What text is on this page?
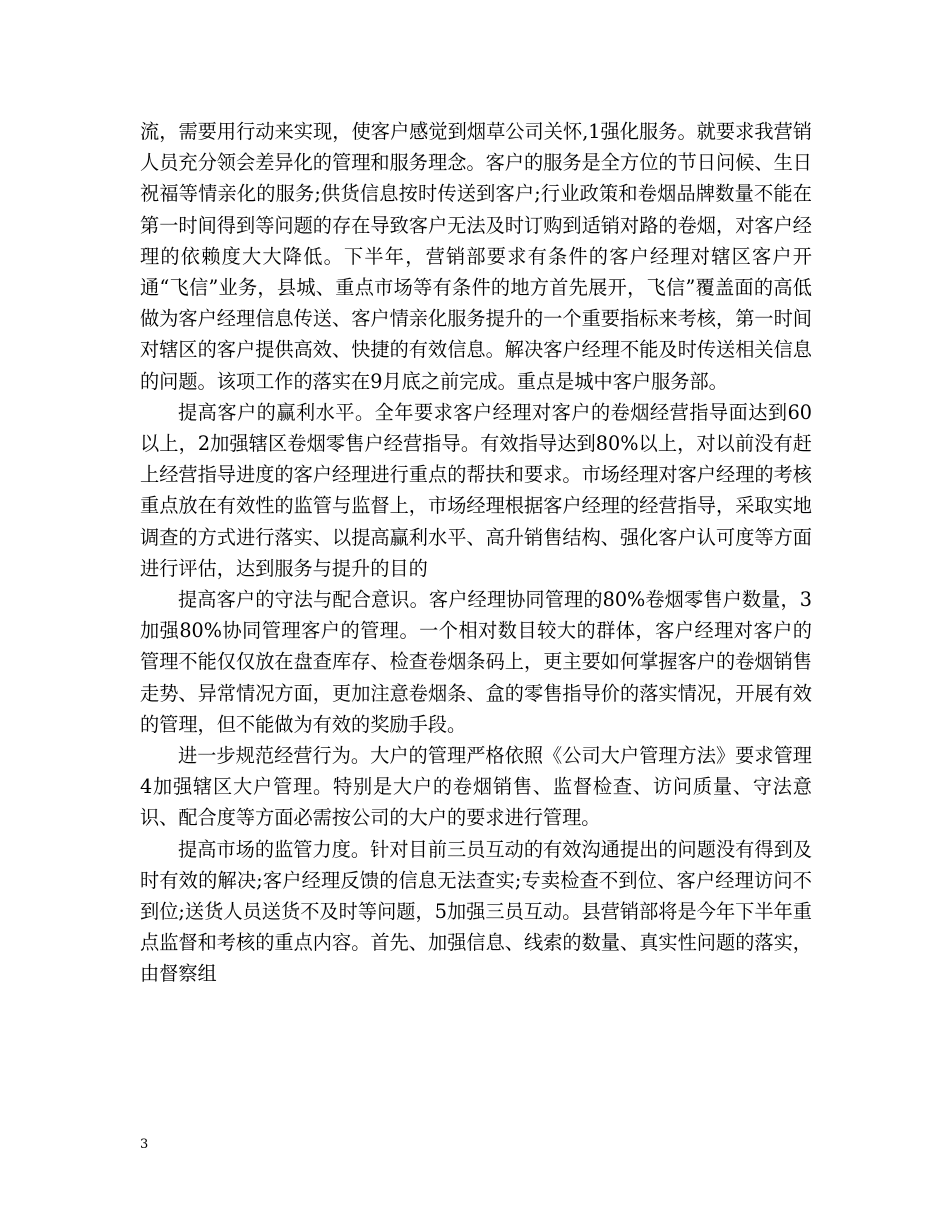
流，需要用行动来实现，使客户感觉到烟草公司关怀,1强化服务。就要求我营销人员充分领会差异化的管理和服务理念。客户的服务是全方位的节日问候、生日祝福等情亲化的服务;供货信息按时传送到客户;行业政策和卷烟品牌数量不能在第一时间得到等问题的存在导致客户无法及时订购到适销对路的卷烟，对客户经理的依赖度大大降低。下半年，营销部要求有条件的客户经理对辖区客户开通“飞信”业务，县城、重点市场等有条件的地方首先展开，飞信”覆盖面的高低做为客户经理信息传送、客户情亲化服务提升的一个重要指标来考核，第一时间对辖区的客户提供高效、快捷的有效信息。解决客户经理不能及时传送相关信息的问题。该项工作的落实在9月底之前完成。重点是城中客户服务部。

提高客户的赢利水平。全年要求客户经理对客户的卷烟经营指导面达到60以上，2加强辖区卷烟零售户经营指导。有效指导达到80%以上，对以前没有赶上经营指导进度的客户经理进行重点的帮扶和要求。市场经理对客户经理的考核重点放在有效性的监管与监督上，市场经理根据客户经理的经营指导，采取实地调查的方式进行落实、以提高赢利水平、高升销售结构、强化客户认可度等方面进行评估，达到服务与提升的目的

提高客户的守法与配合意识。客户经理协同管理的80%卷烟零售户数量，3加强80%协同管理客户的管理。一个相对数目较大的群体，客户经理对客户的管理不能仅仅放在盘查库存、检查卷烟条码上，更主要如何掌握客户的卷烟销售走势、异常情况方面，更加注意卷烟条、盒的零售指导价的落实情况，开展有效的管理，但不能做为有效的奖励手段。

进一步规范经营行为。大户的管理严格依照《公司大户管理方法》要求管理4加强辖区大户管理。特别是大户的卷烟销售、监督检查、访问质量、守法意识、配合度等方面必需按公司的大户的要求进行管理。

提高市场的监管力度。针对目前三员互动的有效沟通提出的问题没有得到及时有效的解决;客户经理反馈的信息无法查实;专卖检查不到位、客户经理访问不到位;送货人员送货不及时等问题，5加强三员互动。县营销部将是今年下半年重点监督和考核的重点内容。首先、加强信息、线索的数量、真实性问题的落实，由督察组

3
